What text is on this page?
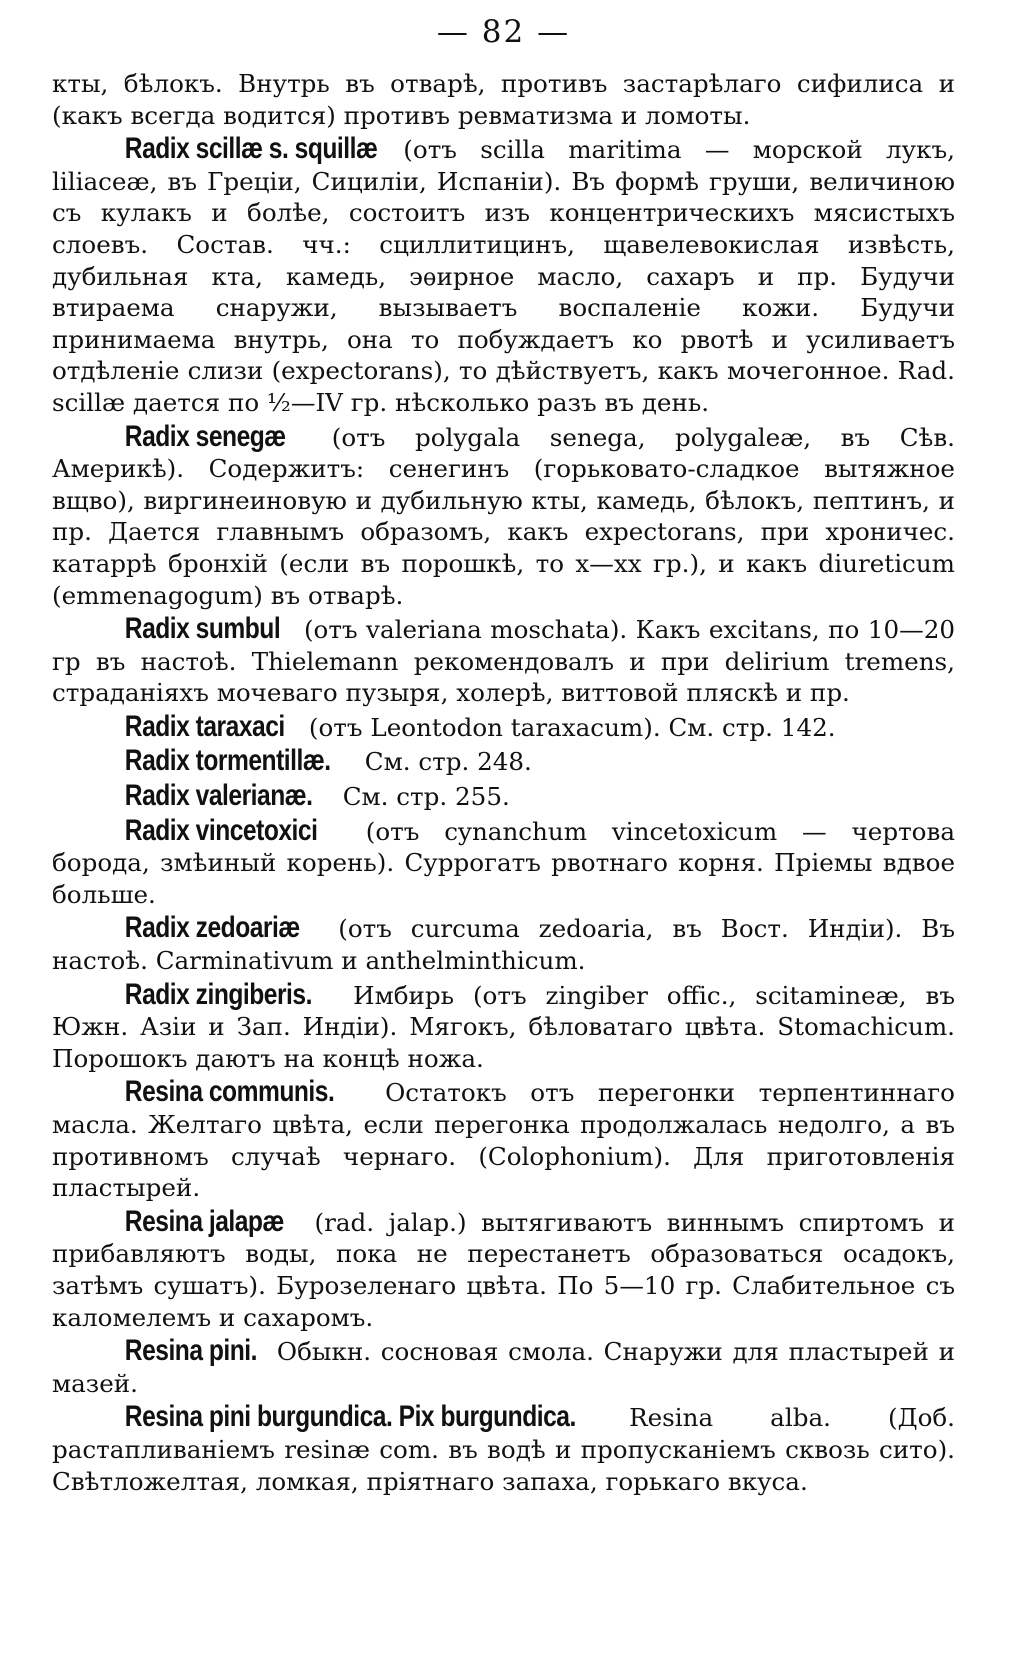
— 82 —

кты, бѣлокъ. Внутрь въ отварѣ, противъ застарѣлаго сифилиса и (какъ всегда водится) противъ ревматизма и ломоты.

Radix scillæ s. squillæ (отъ scilla maritima — морской лукъ, liliaceæ, въ Греціи, Сициліи, Испаніи). Въ формѣ груши, величиною съ кулакъ и болѣе, состоитъ изъ концентрическихъ мясистыхъ слоевъ. Состав. чч.: сциллитицинъ, щавелевокислая извѣсть, дубильная кта, камедь, эѳирное масло, сахаръ и пр. Будучи втираема снаружи, вызываетъ воспаленіе кожи. Будучи принимаема внутрь, она то побуждаетъ ко рвотѣ и усиливаетъ отдѣленіе слизи (expectorans), то дѣйствуетъ, какъ мочегонное. Rad. scillæ дается по ½—IV гр. нѣсколько разъ въ день.

Radix senegæ (отъ polygala senega, polygaleæ, въ Сѣв. Америкѣ). Содержитъ: сенегинъ (горьковато-сладкое вытяжное вщво), виргинеиновую и дубильную кты, камедь, бѣлокъ, пептинъ, и пр. Дается главнымъ образомъ, какъ expectorans, при хроничес. катаррѣ бронхій (если въ порошкѣ, то x—xx гр.), и какъ diureticum (emmenagogum) въ отварѣ.

Radix sumbul (отъ valeriana moschata). Какъ excitans, по 10—20 гр въ настоѣ. Thielemann рекомендовалъ и при delirium tremens, страданіяхъ мочеваго пузыря, холерѣ, виттовой пляскѣ и пр.

Radix taraxaci (отъ Leontodon taraxacum). См. стр. 142.

Radix tormentillæ. См. стр. 248.

Radix valerianæ. См. стр. 255.

Radix vincetoxici (отъ cynanchum vincetoxicum — чертова борода, змѣиный корень). Суррогатъ рвотнаго корня. Пріемы вдвое больше.

Radix zedoariæ (отъ curcuma zedoaria, въ Вост. Индіи). Въ настоѣ. Carminativum и anthelminthicum.

Radix zingiberis. Имбирь (отъ zingiber offic., scitamineæ, въ Южн. Азіи и Зап. Индіи). Мягокъ, бѣловатаго цвѣта. Stomachicum. Порошокъ даютъ на концѣ ножа.

Resina communis. Остатокъ отъ перегонки терпентиннаго масла. Желтаго цвѣта, если перегонка продолжалась недолго, а въ противномъ случаѣ чернаго. (Colophonium). Для приготовленія пластырей.

Resina jalapæ (rad. jalap.) вытягиваютъ виннымъ спиртомъ и прибавляютъ воды, пока не перестанетъ образоваться осадокъ, затѣмъ сушатъ). Бурозеленаго цвѣта. По 5—10 гр. Слабительное съ каломелемъ и сахаромъ.

Resina pini. Обыкн. сосновая смола. Снаружи для пластырей и мазей.

Resina pini burgundica. Pix burgundica. Resina alba. (Доб. растапливаніемъ resinæ com. въ водѣ и пропусканіемъ сквозь сито). Свѣтложелтая, ломкая, пріятнаго запаха, горькаго вкуса.
